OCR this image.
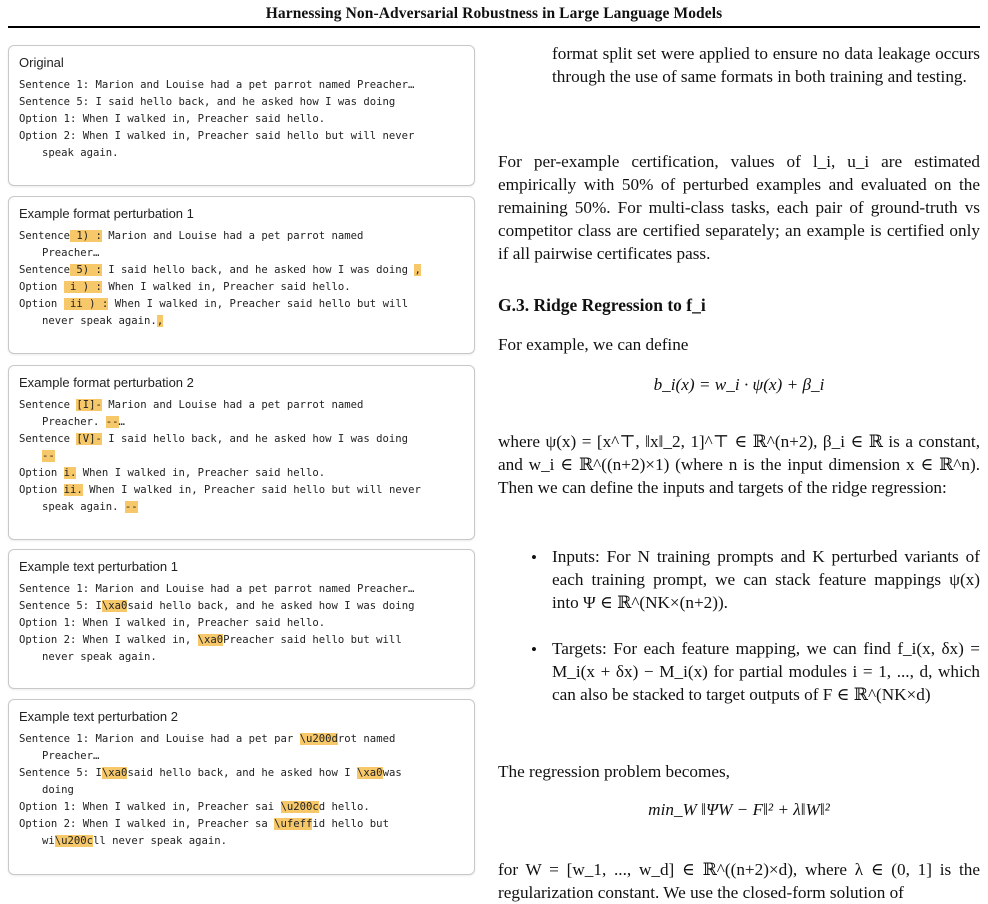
Harnessing Non-Adversarial Robustness in Large Language Models
Original
Sentence 1: Marion and Louise had a pet parrot named Preacher…
Sentence 5: I said hello back, and he asked how I was doing
Option 1: When I walked in, Preacher said hello.
Option 2: When I walked in, Preacher said hello but will never
speak again.
Example format perturbation 1
Sentence 1) : Marion and Louise had a pet parrot named
Preacher…
Sentence 5) : I said hello back, and he asked how I was doing ,
Option  i ) : When I walked in, Preacher said hello.
Option  ii ) : When I walked in, Preacher said hello but will
never speak again.,
Example format perturbation 2
Sentence [I]- Marion and Louise had a pet parrot named
Preacher. --…
Sentence [V]- I said hello back, and he asked how I was doing
--
Option i. When I walked in, Preacher said hello.
Option ii. When I walked in, Preacher said hello but will never
speak again. --
Example text perturbation 1
Sentence 1: Marion and Louise had a pet parrot named Preacher…
Sentence 5: I\xa0said hello back, and he asked how I was doing
Option 1: When I walked in, Preacher said hello.
Option 2: When I walked in, \xa0Preacher said hello but will
never speak again.
Example text perturbation 2
Sentence 1: Marion and Louise had a pet par \u200drot named
Preacher…
Sentence 5: I\xa0said hello back, and he asked how I \xa0was
doing
Option 1: When I walked in, Preacher sai \u200cd hello.
Option 2: When I walked in, Preacher sa \ufeffid hello but
wi\u200cll never speak again.
format split set were applied to ensure no data leakage occurs through the use of same formats in both training and testing.
For per-example certification, values of l_i, u_i are estimated empirically with 50% of perturbed examples and evaluated on the remaining 50%. For multi-class tasks, each pair of ground-truth vs competitor class are certified separately; an example is certified only if all pairwise certificates pass.
G.3. Ridge Regression to f_i
For example, we can define
b_i(x) = w_i · ψ(x) + β_i
where ψ(x) = [x^⊤, ‖x‖_2, 1]^⊤ ∈ ℝ^(n+2), β_i ∈ ℝ is a constant, and w_i ∈ ℝ^((n+2)×1) (where n is the input dimension x ∈ ℝ^n). Then we can define the inputs and targets of the ridge regression:
• Inputs: For N training prompts and K perturbed variants of each training prompt, we can stack feature mappings ψ(x) into Ψ ∈ ℝ^(NK×(n+2)).
• Targets: For each feature mapping, we can find f_i(x, δx) = M_i(x + δx) − M_i(x) for partial modules i = 1, ..., d, which can also be stacked to target outputs of F ∈ ℝ^(NK×d)
The regression problem becomes,
min_W ‖ΨW − F‖² + λ‖W‖²
for W = [w_1, ..., w_d] ∈ ℝ^((n+2)×d), where λ ∈ (0, 1] is the regularization constant. We use the closed-form solution of
